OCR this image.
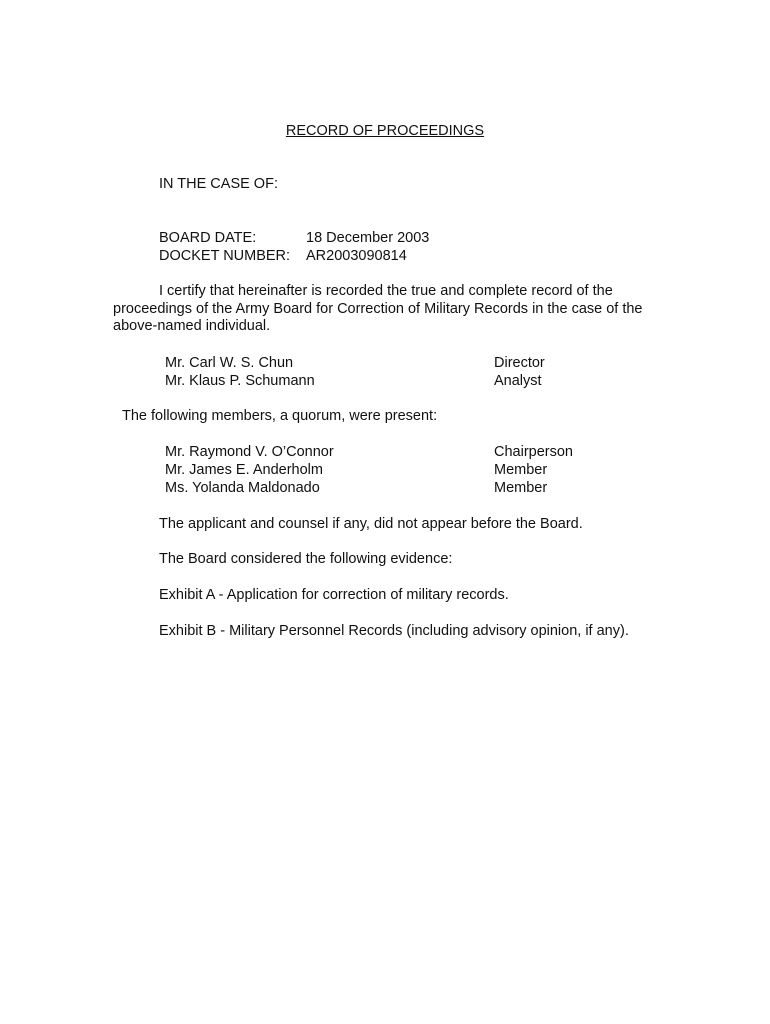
RECORD OF PROCEEDINGS
IN THE CASE OF:
BOARD DATE:	18 December 2003
DOCKET NUMBER: AR2003090814
I certify that hereinafter is recorded the true and complete record of the proceedings of the Army Board for Correction of Military Records in the case of the above-named individual.
Mr. Carl W. S. Chun	Director
Mr. Klaus P. Schumann	Analyst
The following members, a quorum, were present:
Mr. Raymond V. O’Connor	Chairperson
Mr. James E. Anderholm	Member
Ms. Yolanda Maldonado	Member
The applicant and counsel if any, did not appear before the Board.
The Board considered the following evidence:
Exhibit A - Application for correction of military records.
Exhibit B - Military Personnel Records (including advisory opinion, if any).
